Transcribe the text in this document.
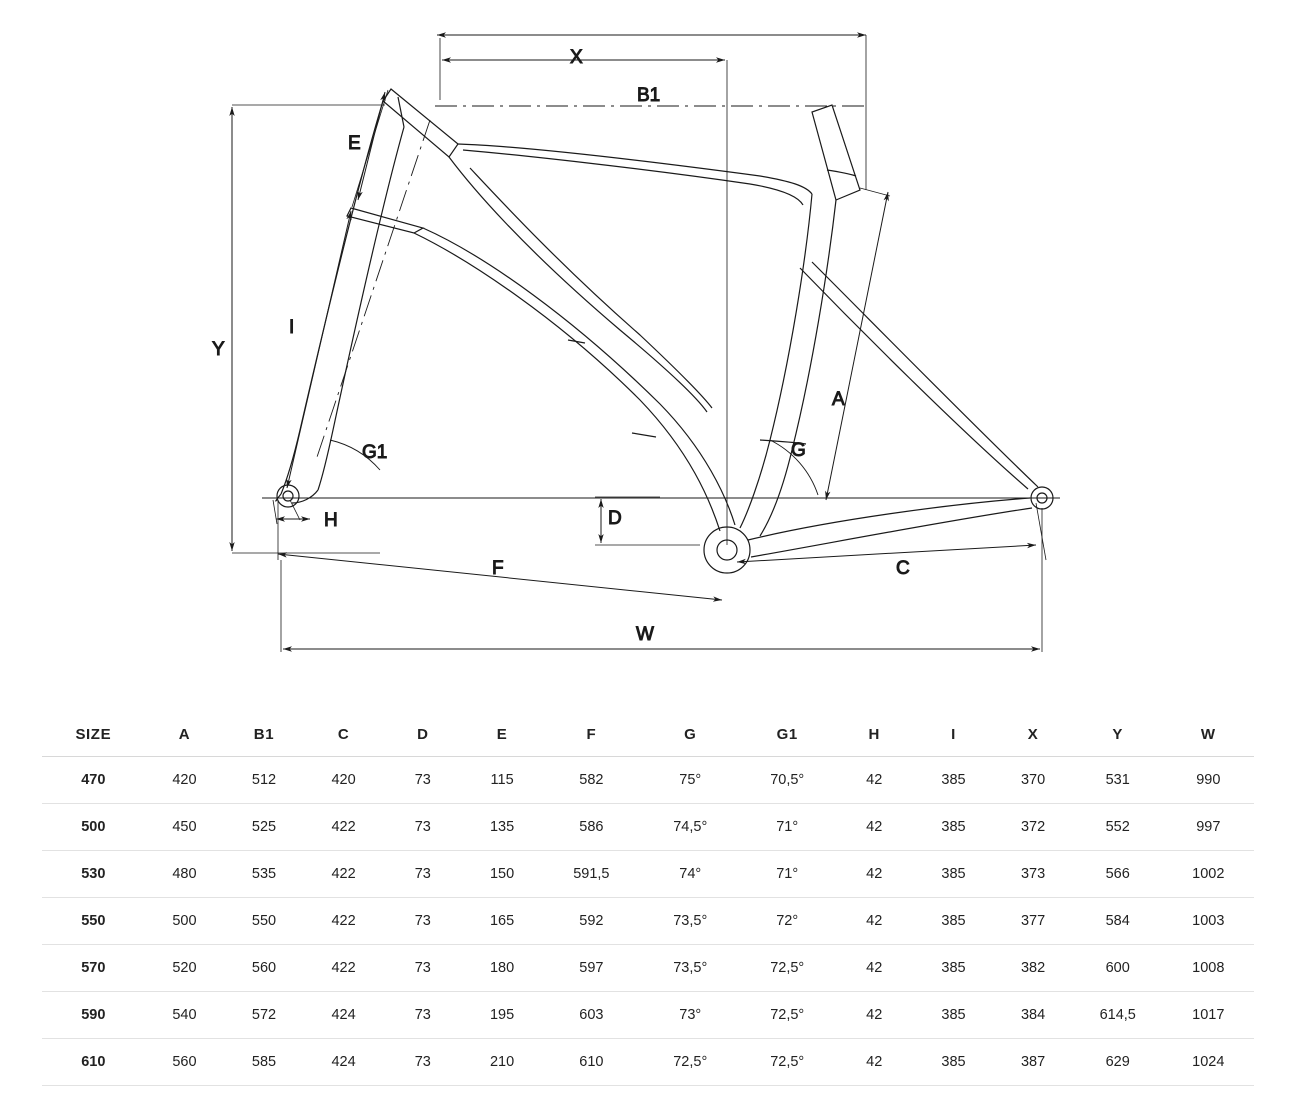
X
B1
E
Y
I
G1
H	D
F
A
G
C
W
SIZE	A	B1	C	D	E	F	G	G1	H	I	X	Y	W
470	420	512	420	73	115	582	75°	70,5°	42	385	370	531	990
500	450	525	422	73	135	586	74,5°	71°	42	385	372	552	997
530	480	535	422	73	150	591,5	74°	71°	42	385	373	566	1002
550	500	550	422	73	165	592	73,5°	72°	42	385	377	584	1003
570	520	560	422	73	180	597	73,5°	72,5°	42	385	382	600	1008
590	540	572	424	73	195	603	73°	72,5°	42	385	384	614,5	1017
610	560	585	424	73	210	610	72,5°	72,5°	42	385	387	629	1024
